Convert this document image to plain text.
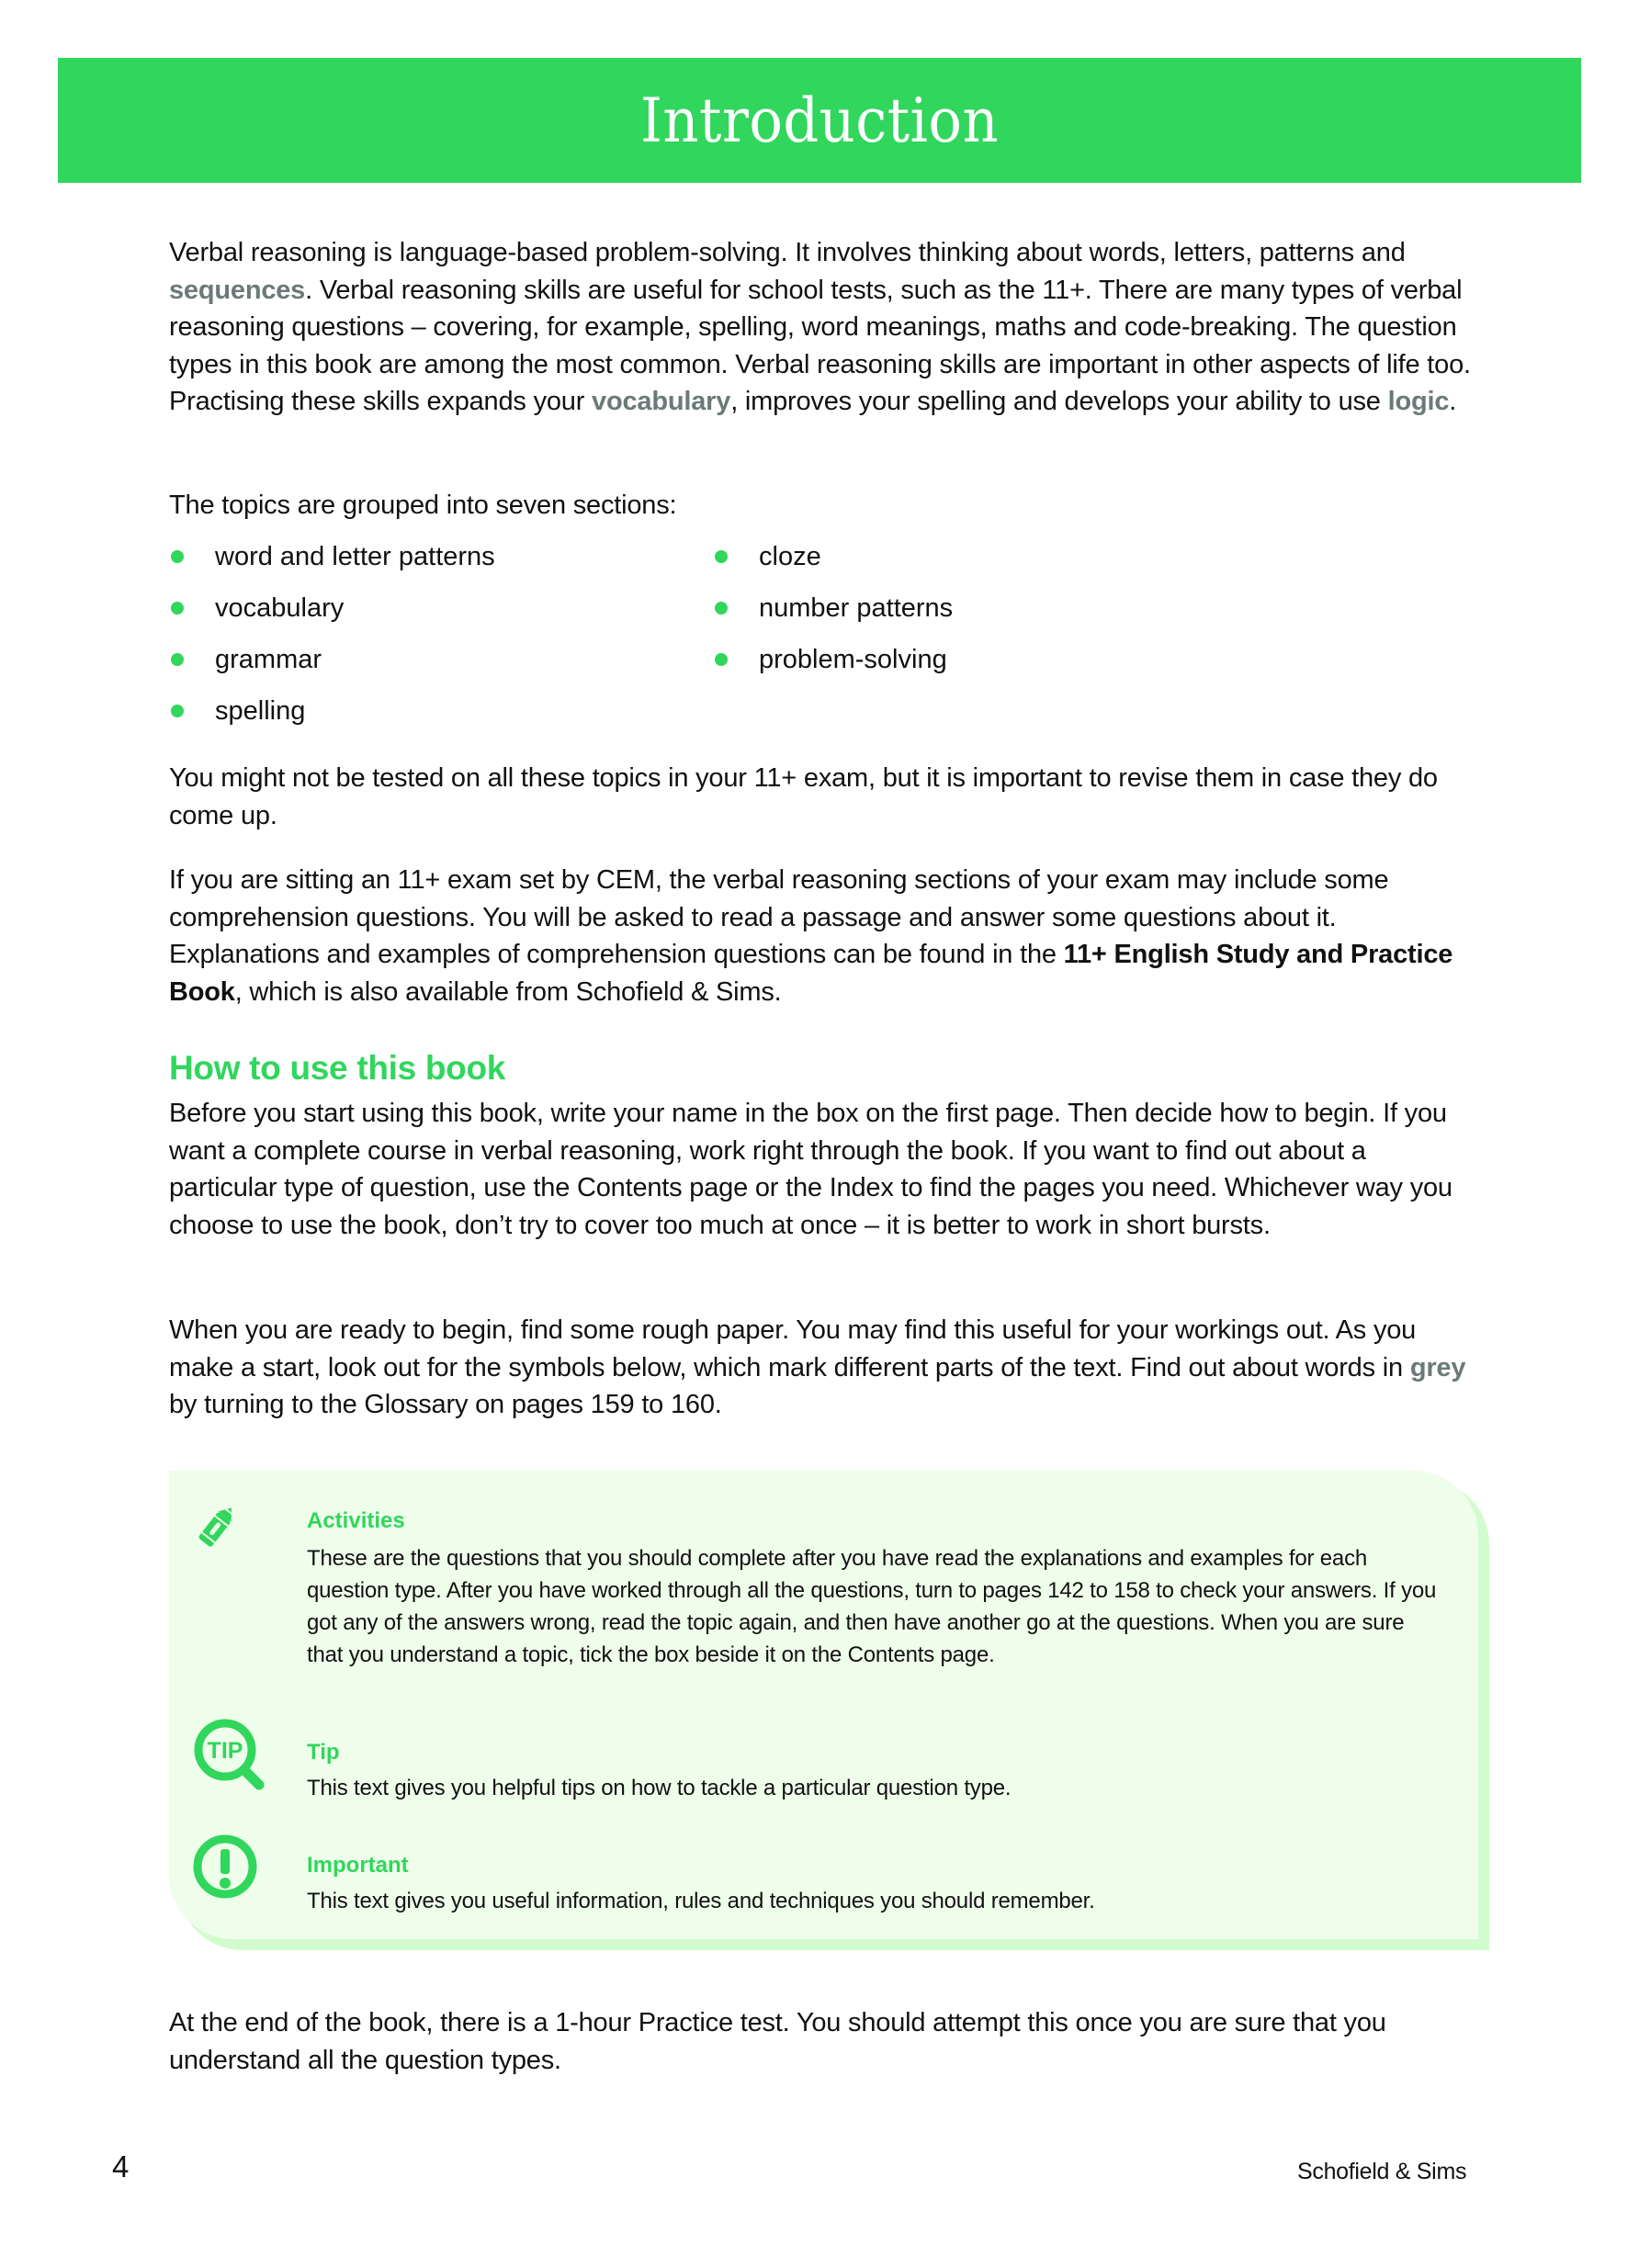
Introduction

Verbal reasoning is language-based problem-solving. It involves thinking about words, letters, patterns and sequences. Verbal reasoning skills are useful for school tests, such as the 11+. There are many types of verbal reasoning questions – covering, for example, spelling, word meanings, maths and code-breaking. The question types in this book are among the most common. Verbal reasoning skills are important in other aspects of life too. Practising these skills expands your vocabulary, improves your spelling and develops your ability to use logic.

The topics are grouped into seven sections:

word and letter patterns	cloze
vocabulary	number patterns
grammar	problem-solving
spelling

You might not be tested on all these topics in your 11+ exam, but it is important to revise them in case they do come up.

If you are sitting an 11+ exam set by CEM, the verbal reasoning sections of your exam may include some comprehension questions. You will be asked to read a passage and answer some questions about it. Explanations and examples of comprehension questions can be found in the 11+ English Study and Practice Book, which is also available from Schofield & Sims.

How to use this book

Before you start using this book, write your name in the box on the first page. Then decide how to begin. If you want a complete course in verbal reasoning, work right through the book. If you want to find out about a particular type of question, use the Contents page or the Index to find the pages you need. Whichever way you choose to use the book, don’t try to cover too much at once – it is better to work in short bursts.

When you are ready to begin, find some rough paper. You may find this useful for your workings out. As you make a start, look out for the symbols below, which mark different parts of the text. Find out about words in grey by turning to the Glossary on pages 159 to 160.

Activities
These are the questions that you should complete after you have read the explanations and examples for each question type. After you have worked through all the questions, turn to pages 142 to 158 to check your answers. If you got any of the answers wrong, read the topic again, and then have another go at the questions. When you are sure that you understand a topic, tick the box beside it on the Contents page.
TIP	Tip
This text gives you helpful tips on how to tackle a particular question type.
Important
This text gives you useful information, rules and techniques you should remember.

At the end of the book, there is a 1-hour Practice test. You should attempt this once you are sure that you understand all the question types.

4	Schofield & Sims
